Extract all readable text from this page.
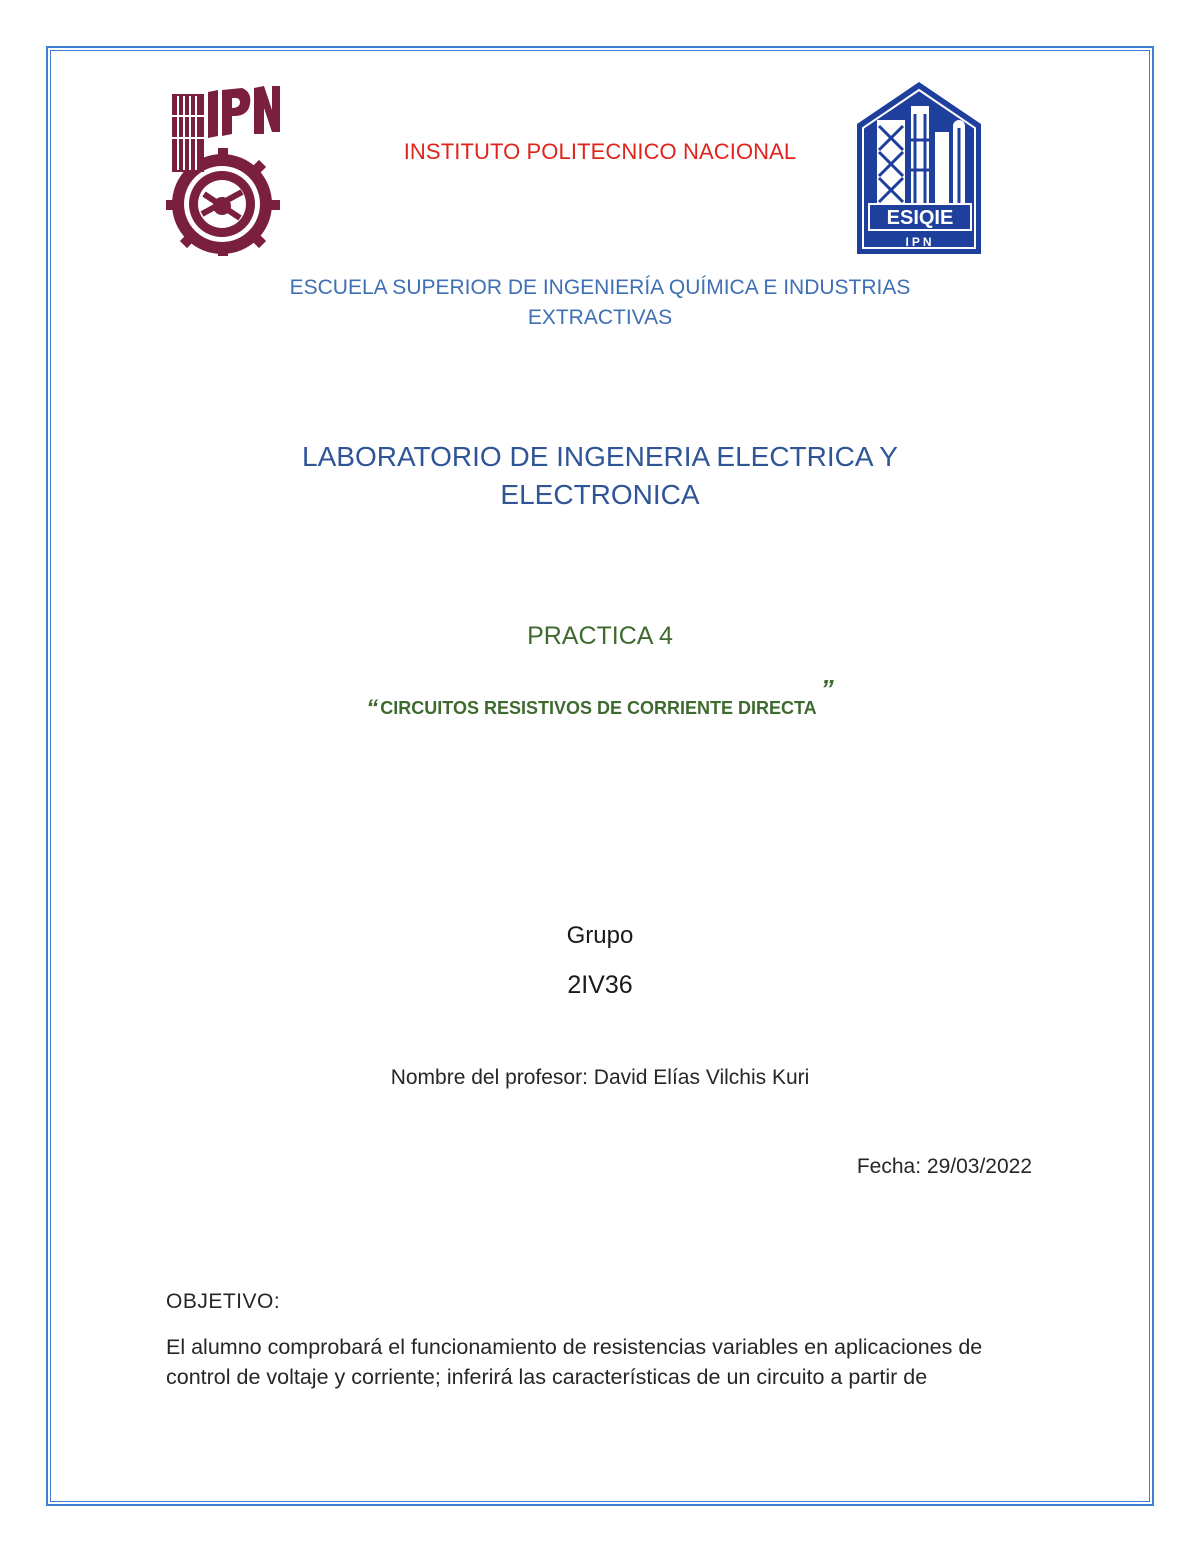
INSTITUTO POLITECNICO NACIONAL
ESIQIE
IPN
ESCUELA SUPERIOR DE INGENIERÍA QUÍMICA E INDUSTRIAS
EXTRACTIVAS
LABORATORIO DE INGENERIA ELECTRICA Y
ELECTRONICA
PRACTICA 4
“ CIRCUITOS RESISTIVOS DE CORRIENTE DIRECTA”
Grupo
2IV36
Nombre del profesor: David Elías Vilchis Kuri
Fecha: 29/03/2022
OBJETIVO:
El alumno comprobará el funcionamiento de resistencias variables en aplicaciones de control de voltaje y corriente; inferirá las características de un circuito a partir de
